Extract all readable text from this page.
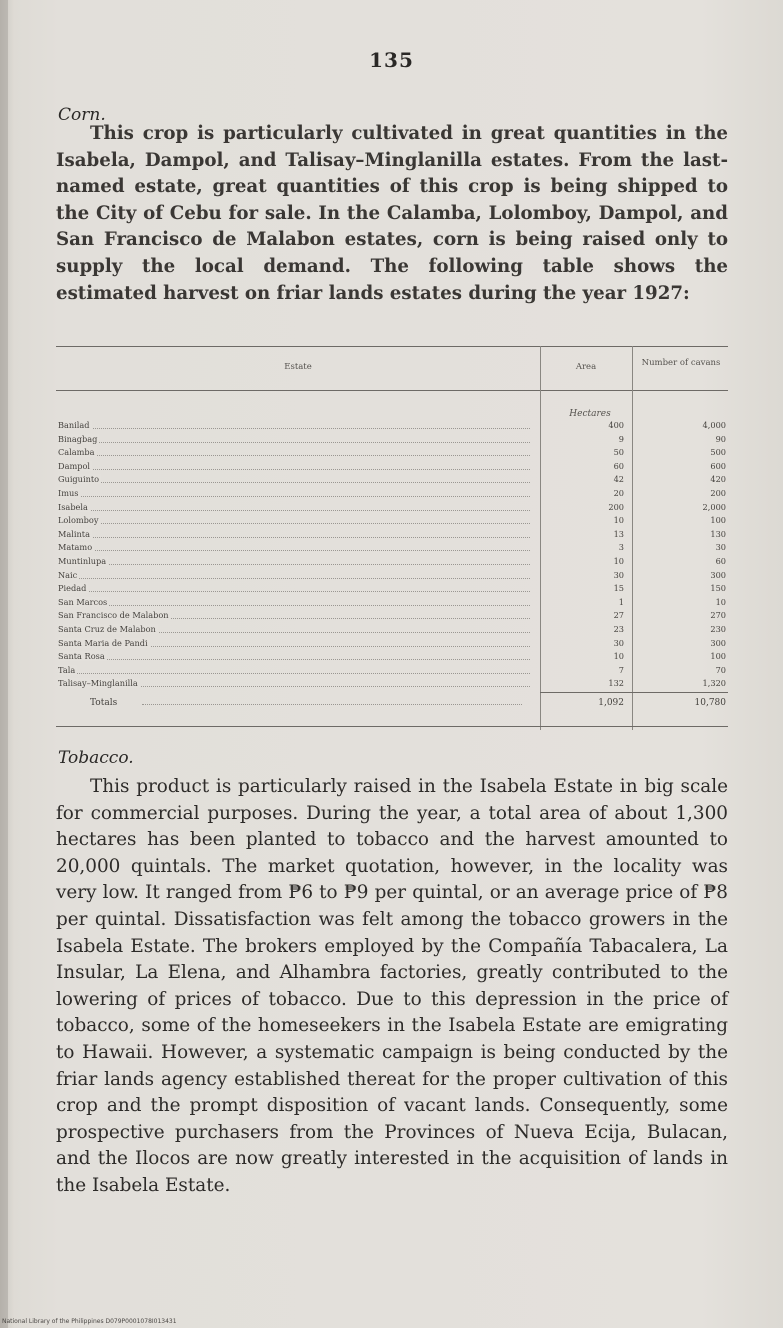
135
Corn.
This crop is particularly cultivated in great quantities in the Isabela, Dampol, and Talisay–Minglanilla estates. From the last-named estate, great quantities of this crop is being shipped to the City of Cebu for sale. In the Calamba, Lolomboy, Dampol, and San Francisco de Malabon estates, corn is being raised only to supply the local demand. The following table shows the estimated harvest on friar lands estates during the year 1927:
Estate	Area	Number of cavans
Hectares
Banilad	400	4,000
Binagbag	9	90
Calamba	50	500
Dampol	60	600
Guiguinto	42	420
Imus	20	200
Isabela	200	2,000
Lolomboy	10	100
Malinta	13	130
Matamo	3	30
Muntinlupa	10	60
Naic	30	300
Piedad	15	150
San Marcos	1	10
San Francisco de Malabon	27	270
Santa Cruz de Malabon	23	230
Santa Maria de Pandi	30	300
Santa Rosa	10	100
Tala	7	70
Talisay–Minglanilla	132	1,320
Totals	1,092	10,780
Tobacco.
This product is particularly raised in the Isabela Estate in big scale for commercial purposes. During the year, a total area of about 1,300 hectares has been planted to tobacco and the harvest amounted to 20,000 quintals. The market quotation, however, in the locality was very low. It ranged from ₱6 to ₱9 per quintal, or an average price of ₱8 per quintal. Dissatisfaction was felt among the tobacco growers in the Isabela Estate. The brokers employed by the Compañía Tabacalera, La Insular, La Elena, and Alhambra factories, greatly contributed to the lowering of prices of tobacco. Due to this depression in the price of tobacco, some of the homeseekers in the Isabela Estate are emigrating to Hawaii. However, a systematic campaign is being conducted by the friar lands agency established thereat for the proper cultivation of this crop and the prompt disposition of vacant lands. Consequently, some prospective purchasers from the Provinces of Nueva Ecija, Bulacan, and the Ilocos are now greatly interested in the acquisition of lands in the Isabela Estate.
National Library of the Philippines D079P0001078I013431
